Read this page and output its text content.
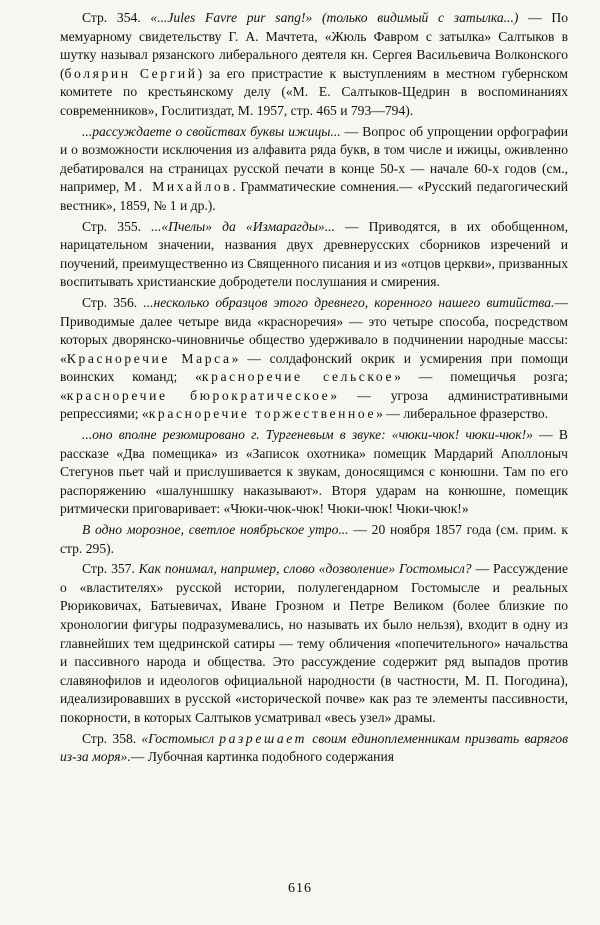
Стр. 354. «...Jules Favre pur sang!» (только видимый с затылка...) — По мемуарному свидетельству Г. А. Мачтета, «Жюль Фавром с затылка» Салтыков в шутку называл рязанского либерального деятеля кн. Сергея Васильевича Волконского (болярин Сергий) за его пристрастие к выступлениям в местном губернском комитете по крестьянскому делу («М. Е. Салтыков-Щедрин в воспоминаниях современников», Гослитиздат, М. 1957, стр. 465 и 793—794).

...рассуждаете о свойствах буквы ижицы... — Вопрос об упрощении орфографии и о возможности исключения из алфавита ряда букв, в том числе и ижицы, оживленно дебатировался на страницах русской печати в конце 50-х — начале 60-х годов (см., например, М. Михайлов. Грамматические сомнения.— «Русский педагогический вестник», 1859, № 1 и др.).

Стр. 355. ...«Пчелы» да «Измарагды»... — Приводятся, в их обобщенном, нарицательном значении, названия двух древнерусских сборников изречений и поучений, преимущественно из Священного писания и из «отцов церкви», призванных воспитывать христианские добродетели послушания и смирения.

Стр. 356. ...несколько образцов этого древнего, коренного нашего витийства.— Приводимые далее четыре вида «красноречия» — это четыре способа, посредством которых дворянско-чиновничье общество удерживало в подчинении народные массы: «Красноречие Марса» — солдафонский окрик и усмирения при помощи воинских команд; «красноречие сельское» — помещичья розга; «красноречие бюрократическое» — угроза административными репрессиями; «красноречие торжественное» — либеральное фразерство.

...оно вполне резюмировано г. Тургеневым в звуке: «чюки-чюк! чюки-чюк!» — В рассказе «Два помещика» из «Записок охотника» помещик Мардарий Аполлоныч Стегунов пьет чай и прислушивается к звукам, доносящимся с конюшни. Там по его распоряжению «шалуншшку наказывают». Вторя ударам на конюшне, помещик ритмически приговаривает: «Чюки-чюк-чюк! Чюки-чюк! Чюки-чюк!»

В одно морозное, светлое ноябрьское утро... — 20 ноября 1857 года (см. прим. к стр. 295).

Стр. 357. Как понимал, например, слово «дозволение» Гостомысл? — Рассуждение о «властителях» русской истории, полулегендарном Гостомысле и реальных Рюриковичах, Батыевичах, Иване Грозном и Петре Великом (более близкие по хронологии фигуры подразумевались, но называть их было нельзя), входит в одну из главнейших тем щедринской сатиры — тему обличения «попечительного» начальства и пассивного народа и общества. Это рассуждение содержит ряд выпадов против славянофилов и идеологов официальной народности (в частности, М. П. Погодина), идеализировавших в русской «исторической почве» как раз те элементы пассивности, покорности, в которых Салтыков усматривал «весь узел» драмы.

Стр. 358. «Гостомысл разрешает своим единоплеменникам призвать варягов из-за моря».— Лубочная картинка подобного содержания

616
